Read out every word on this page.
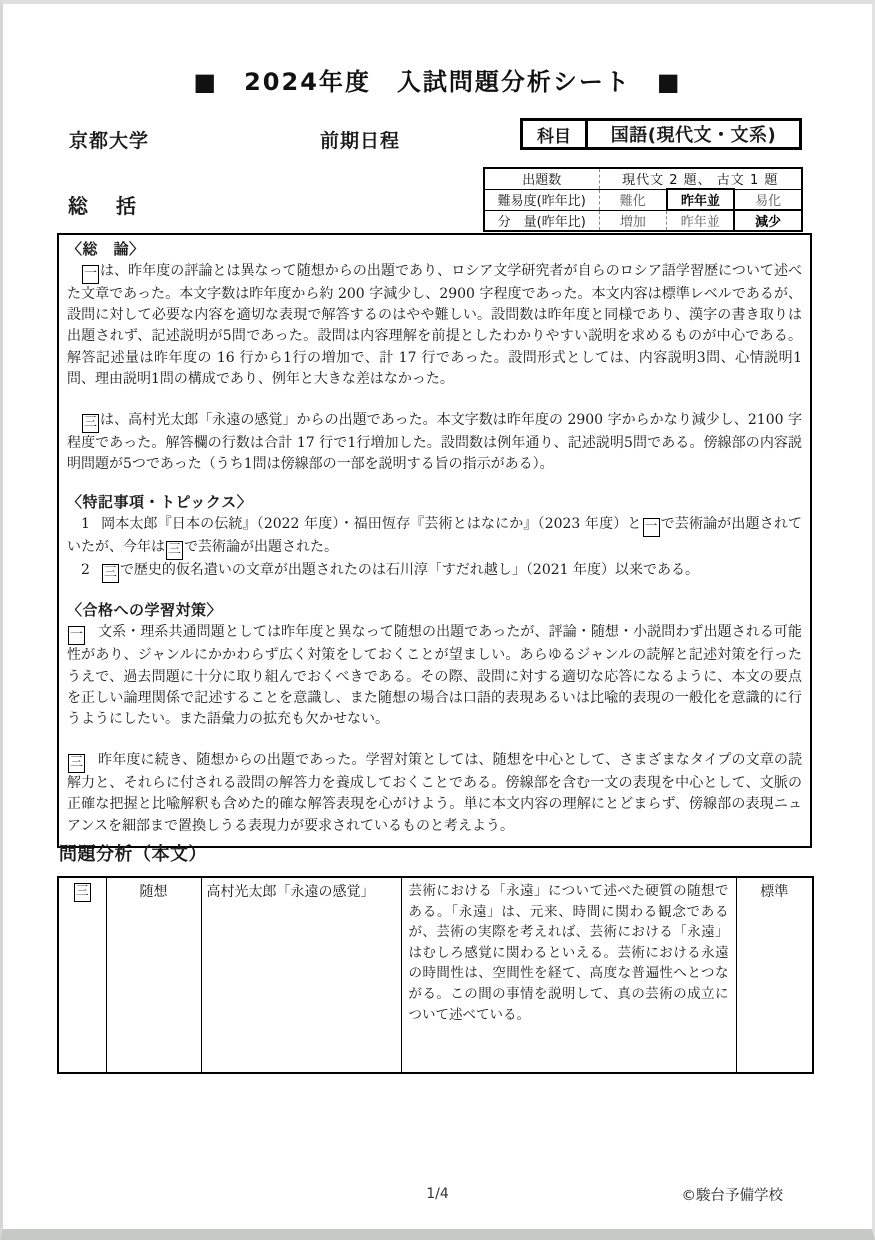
■　2024年度　入試問題分析シート　■
京都大学	前期日程	科目	国語(現代文・文系)
出題数	現代文 2 題、 古文 1 題		
難易度(昨年比)	難化	昨年並	易化
分　量(昨年比)	増加	昨年並	減少
総　括
〈総　論〉

一 は、昨年度の評論とは異なって随想からの出題であり、ロシア文学研究者が自らのロシア語学習歴について述べた文章であった。本文字数は昨年度から約 200 字減少し、2900 字程度であった。本文内容は標準レベルであるが、設問に対して必要な内容を適切な表現で解答するのはやや難しい。設問数は昨年度と同様であり、漢字の書き取りは出題されず、記述説明が5問であった。設問は内容理解を前提としたわかりやすい説明を求めるものが中心である。解答記述量は昨年度の 16 行から1行の増加で、計 17 行であった。設問形式としては、内容説明3問、心情説明1問、理由説明1問の構成であり、例年と大きな差はなかった。

三 は、高村光太郎「永遠の感覚」からの出題であった。本文字数は昨年度の 2900 字からかなり減少し、2100 字程度であった。解答欄の行数は合計 17 行で1行増加した。設問数は例年通り、記述説明5問である。傍線部の内容説明問題が5つであった（うち1問は傍線部の一部を説明する旨の指示がある）。

〈特記事項・トピックス〉

1 岡本太郎『日本の伝統』（2022 年度）・福田恆存『芸術とはなにか』（2023 年度）と 一 で芸術論が出題されていたが、今年は 三 で芸術論が出題された。

2 三 で歴史的仮名遣いの文章が出題されたのは石川淳「すだれ越し」（2021 年度）以来である。

〈合格への学習対策〉

一 文系・理系共通問題としては昨年度と異なって随想の出題であったが、評論・随想・小説問わず出題される可能性があり、ジャンルにかかわらず広く対策をしておくことが望ましい。あらゆるジャンルの読解と記述対策を行ったうえで、過去問題に十分に取り組んでおくべきである。その際、設問に対する適切な応答になるように、本文の要点を正しい論理関係で記述することを意識し、また随想の場合は口語的表現あるいは比喩的表現の一般化を意識的に行うようにしたい。また語彙力の拡充も欠かせない。

三 昨年度に続き、随想からの出題であった。学習対策としては、随想を中心として、さまざまなタイプの文章の読解力と、それらに付される設問の解答力を養成しておくことである。傍線部を含む一文の表現を中心として、文脈の正確な把握と比喩解釈も含めた的確な解答表現を心がけよう。単に本文内容の理解にとどまらず、傍線部の表現ニュアンスを細部まで置換しうる表現力が要求されているものと考えよう。

問題分析（本文）
三	随想	高村光太郎「永遠の感覚」	芸術における「永遠」について述べた硬質の随想である。「永遠」は、元来、時間に関わる観念であるが、芸術の実際を考えれば、芸術における「永遠」はむしろ感覚に関わるといえる。芸術における永遠の時間性は、空間性を経て、高度な普遍性へとつながる。この間の事情を説明して、真の芸術の成立について述べている。	標準
1/4	©駿台予備学校
